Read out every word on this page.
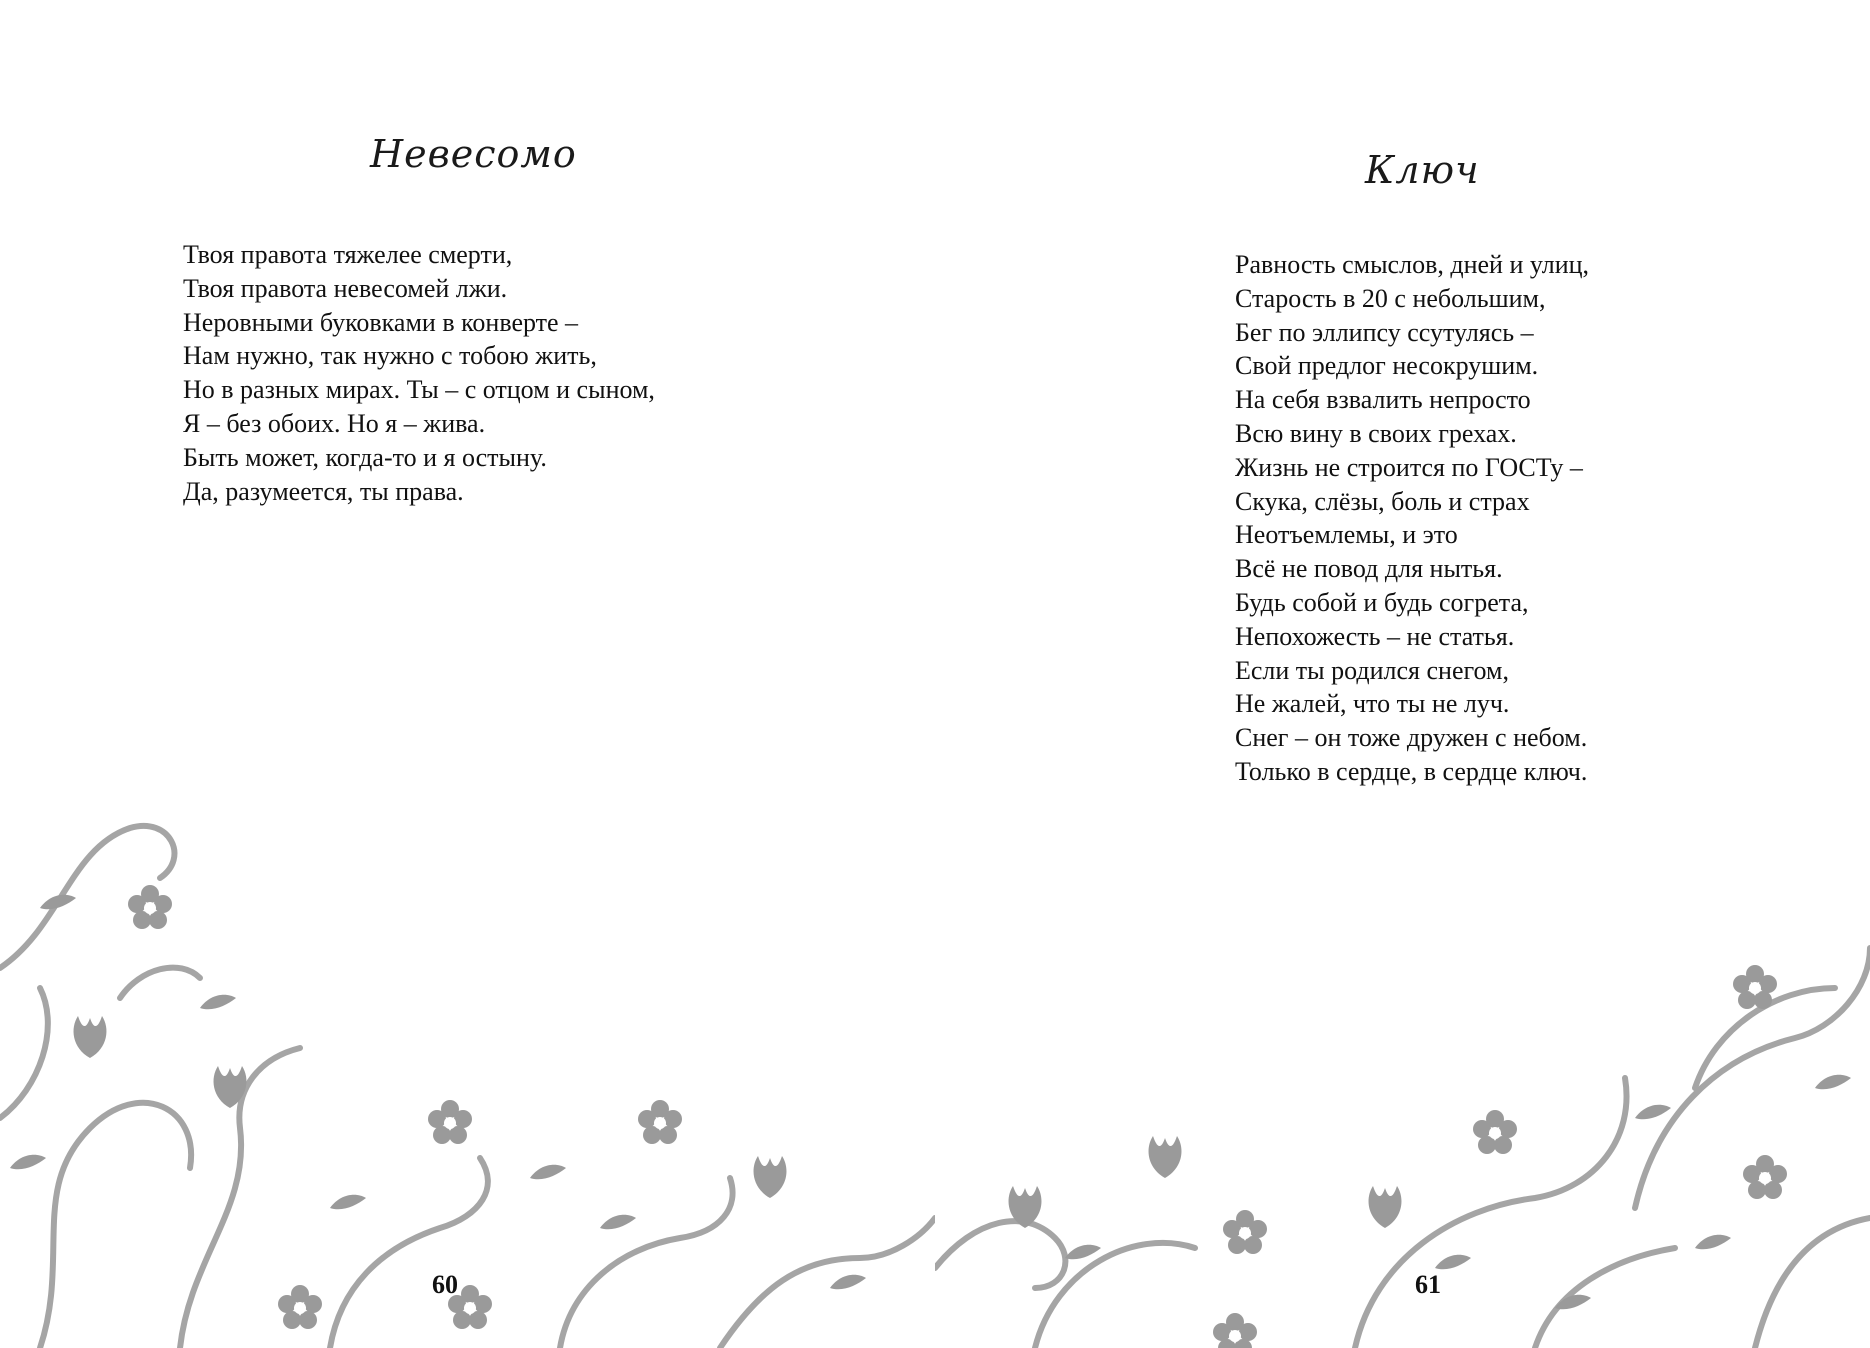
Невесомо
Твоя правота тяжелее смерти,
Твоя правота невесомей лжи.
Неровными буковками в конверте –
Нам нужно, так нужно с тобою жить,
Но в разных мирах. Ты – с отцом и сыном,
Я – без обоих. Но я – жива.
Быть может, когда-то и я остыну.
Да, разумеется, ты права.
60
Ключ
Равность смыслов, дней и улиц,
Старость в 20 с небольшим,
Бег по эллипсу ссутулясь –
Свой предлог несокрушим.
На себя взвалить непросто
Всю вину в своих грехах.
Жизнь не строится по ГОСТу –
Скука, слёзы, боль и страх
Неотъемлемы, и это
Всё не повод для нытья.
Будь собой и будь согрета,
Непохожесть – не статья.
Если ты родился снегом,
Не жалей, что ты не луч.
Снег – он тоже дружен с небом.
Только в сердце, в сердце ключ.
61
